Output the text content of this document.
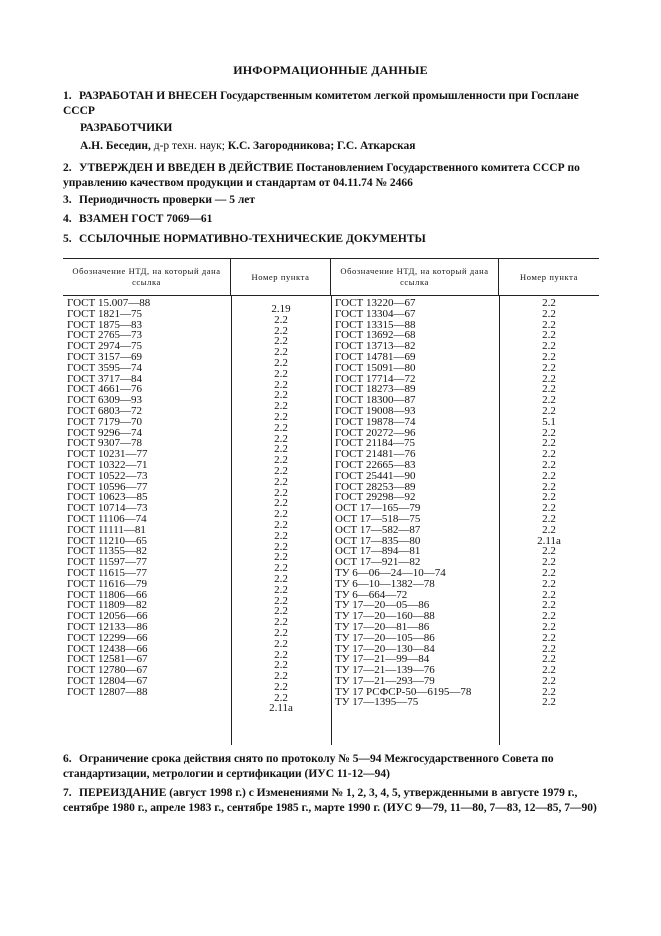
ИНФОРМАЦИОННЫЕ ДАННЫЕ
1. РАЗРАБОТАН И ВНЕСЕН Государственным комитетом легкой промышленности при Госплане СССР
РАЗРАБОТЧИКИ
А.Н. Беседин, д-р техн. наук; К.С. Загородникова; Г.С. Аткарская
2. УТВЕРЖДЕН И ВВЕДЕН В ДЕЙСТВИЕ Постановлением Государственного комитета СССР по управлению качеством продукции и стандартам от 04.11.74 № 2466
3. Периодичность проверки — 5 лет
4. ВЗАМЕН ГОСТ 7069—61
5. ССЫЛОЧНЫЕ НОРМАТИВНО-ТЕХНИЧЕСКИЕ ДОКУМЕНТЫ
Обозначение НТД, на который дана ссылка
Номер пункта
Обозначение НТД, на который дана ссылка
Номер пункта
ГОСТ 15.007—88
ГОСТ 1821—75
ГОСТ 1875—83
ГОСТ 2765—73
ГОСТ 2974—75
ГОСТ 3157—69
ГОСТ 3595—74
ГОСТ 3717—84
ГОСТ 4661—76
ГОСТ 6309—93
ГОСТ 6803—72
ГОСТ 7179—70
ГОСТ 9296—74
ГОСТ 9307—78
ГОСТ 10231—77
ГОСТ 10322—71
ГОСТ 10522—73
ГОСТ 10596—77
ГОСТ 10623—85
ГОСТ 10714—73
ГОСТ 11106—74
ГОСТ 11111—81
ГОСТ 11210—65
ГОСТ 11355—82
ГОСТ 11597—77
ГОСТ 11615—77
ГОСТ 11616—79
ГОСТ 11806—66
ГОСТ 11809—82
ГОСТ 12056—66
ГОСТ 12133—86
ГОСТ 12299—66
ГОСТ 12438—66
ГОСТ 12581—67
ГОСТ 12780—67
ГОСТ 12804—67
ГОСТ 12807—88
2.19
2.2
2.2
2.2
2.2
2.2
2.2
2.2
2.2
2.2
2.2
2.2
2.2
2.2
2.2
2.2
2.2
2.2
2.2
2.2
2.2
2.2
2.2
2.2
2.2
2.2
2.2
2.2
2.2
2.2
2.2
2.2
2.2
2.2
2.2
2.2
2.2
2.11а
ГОСТ 13220—67
ГОСТ 13304—67
ГОСТ 13315—88
ГОСТ 13692—68
ГОСТ 13713—82
ГОСТ 14781—69
ГОСТ 15091—80
ГОСТ 17714—72
ГОСТ 18273—89
ГОСТ 18300—87
ГОСТ 19008—93
ГОСТ 19878—74
ГОСТ 20272—96
ГОСТ 21184—75
ГОСТ 21481—76
ГОСТ 22665—83
ГОСТ 25441—90
ГОСТ 28253—89
ГОСТ 29298—92
ОСТ 17—165—79
ОСТ 17—518—75
ОСТ 17—582—87
ОСТ 17—835—80
ОСТ 17—894—81
ОСТ 17—921—82
ТУ 6—06—24—10—74
ТУ 6—10—1382—78
ТУ 6—664—72
ТУ 17—20—05—86
ТУ 17—20—160—88
ТУ 17—20—81—86
ТУ 17—20—105—86
ТУ 17—20—130—84
ТУ 17—21—99—84
ТУ 17—21—139—76
ТУ 17—21—293—79
ТУ 17 РСФСР-50—6195—78
ТУ 17—1395—75
2.2
2.2
2.2
2.2
2.2
2.2
2.2
2.2
2.2
2.2
2.2
5.1
2.2
2.2
2.2
2.2
2.2
2.2
2.2
2.2
2.2
2.2
2.11а
2.2
2.2
2.2
2.2
2.2
2.2
2.2
2.2
2.2
2.2
2.2
2.2
2.2
2.2
2.2
6. Ограничение срока действия снято по протоколу № 5—94 Межгосударственного Совета по стандартизации, метрологии и сертификации (ИУС 11-12—94)
7. ПЕРЕИЗДАНИЕ (август 1998 г.) с Изменениями № 1, 2, 3, 4, 5, утвержденными в августе 1979 г., сентябре 1980 г., апреле 1983 г., сентябре 1985 г., марте 1990 г. (ИУС 9—79, 11—80, 7—83, 12—85, 7—90)
